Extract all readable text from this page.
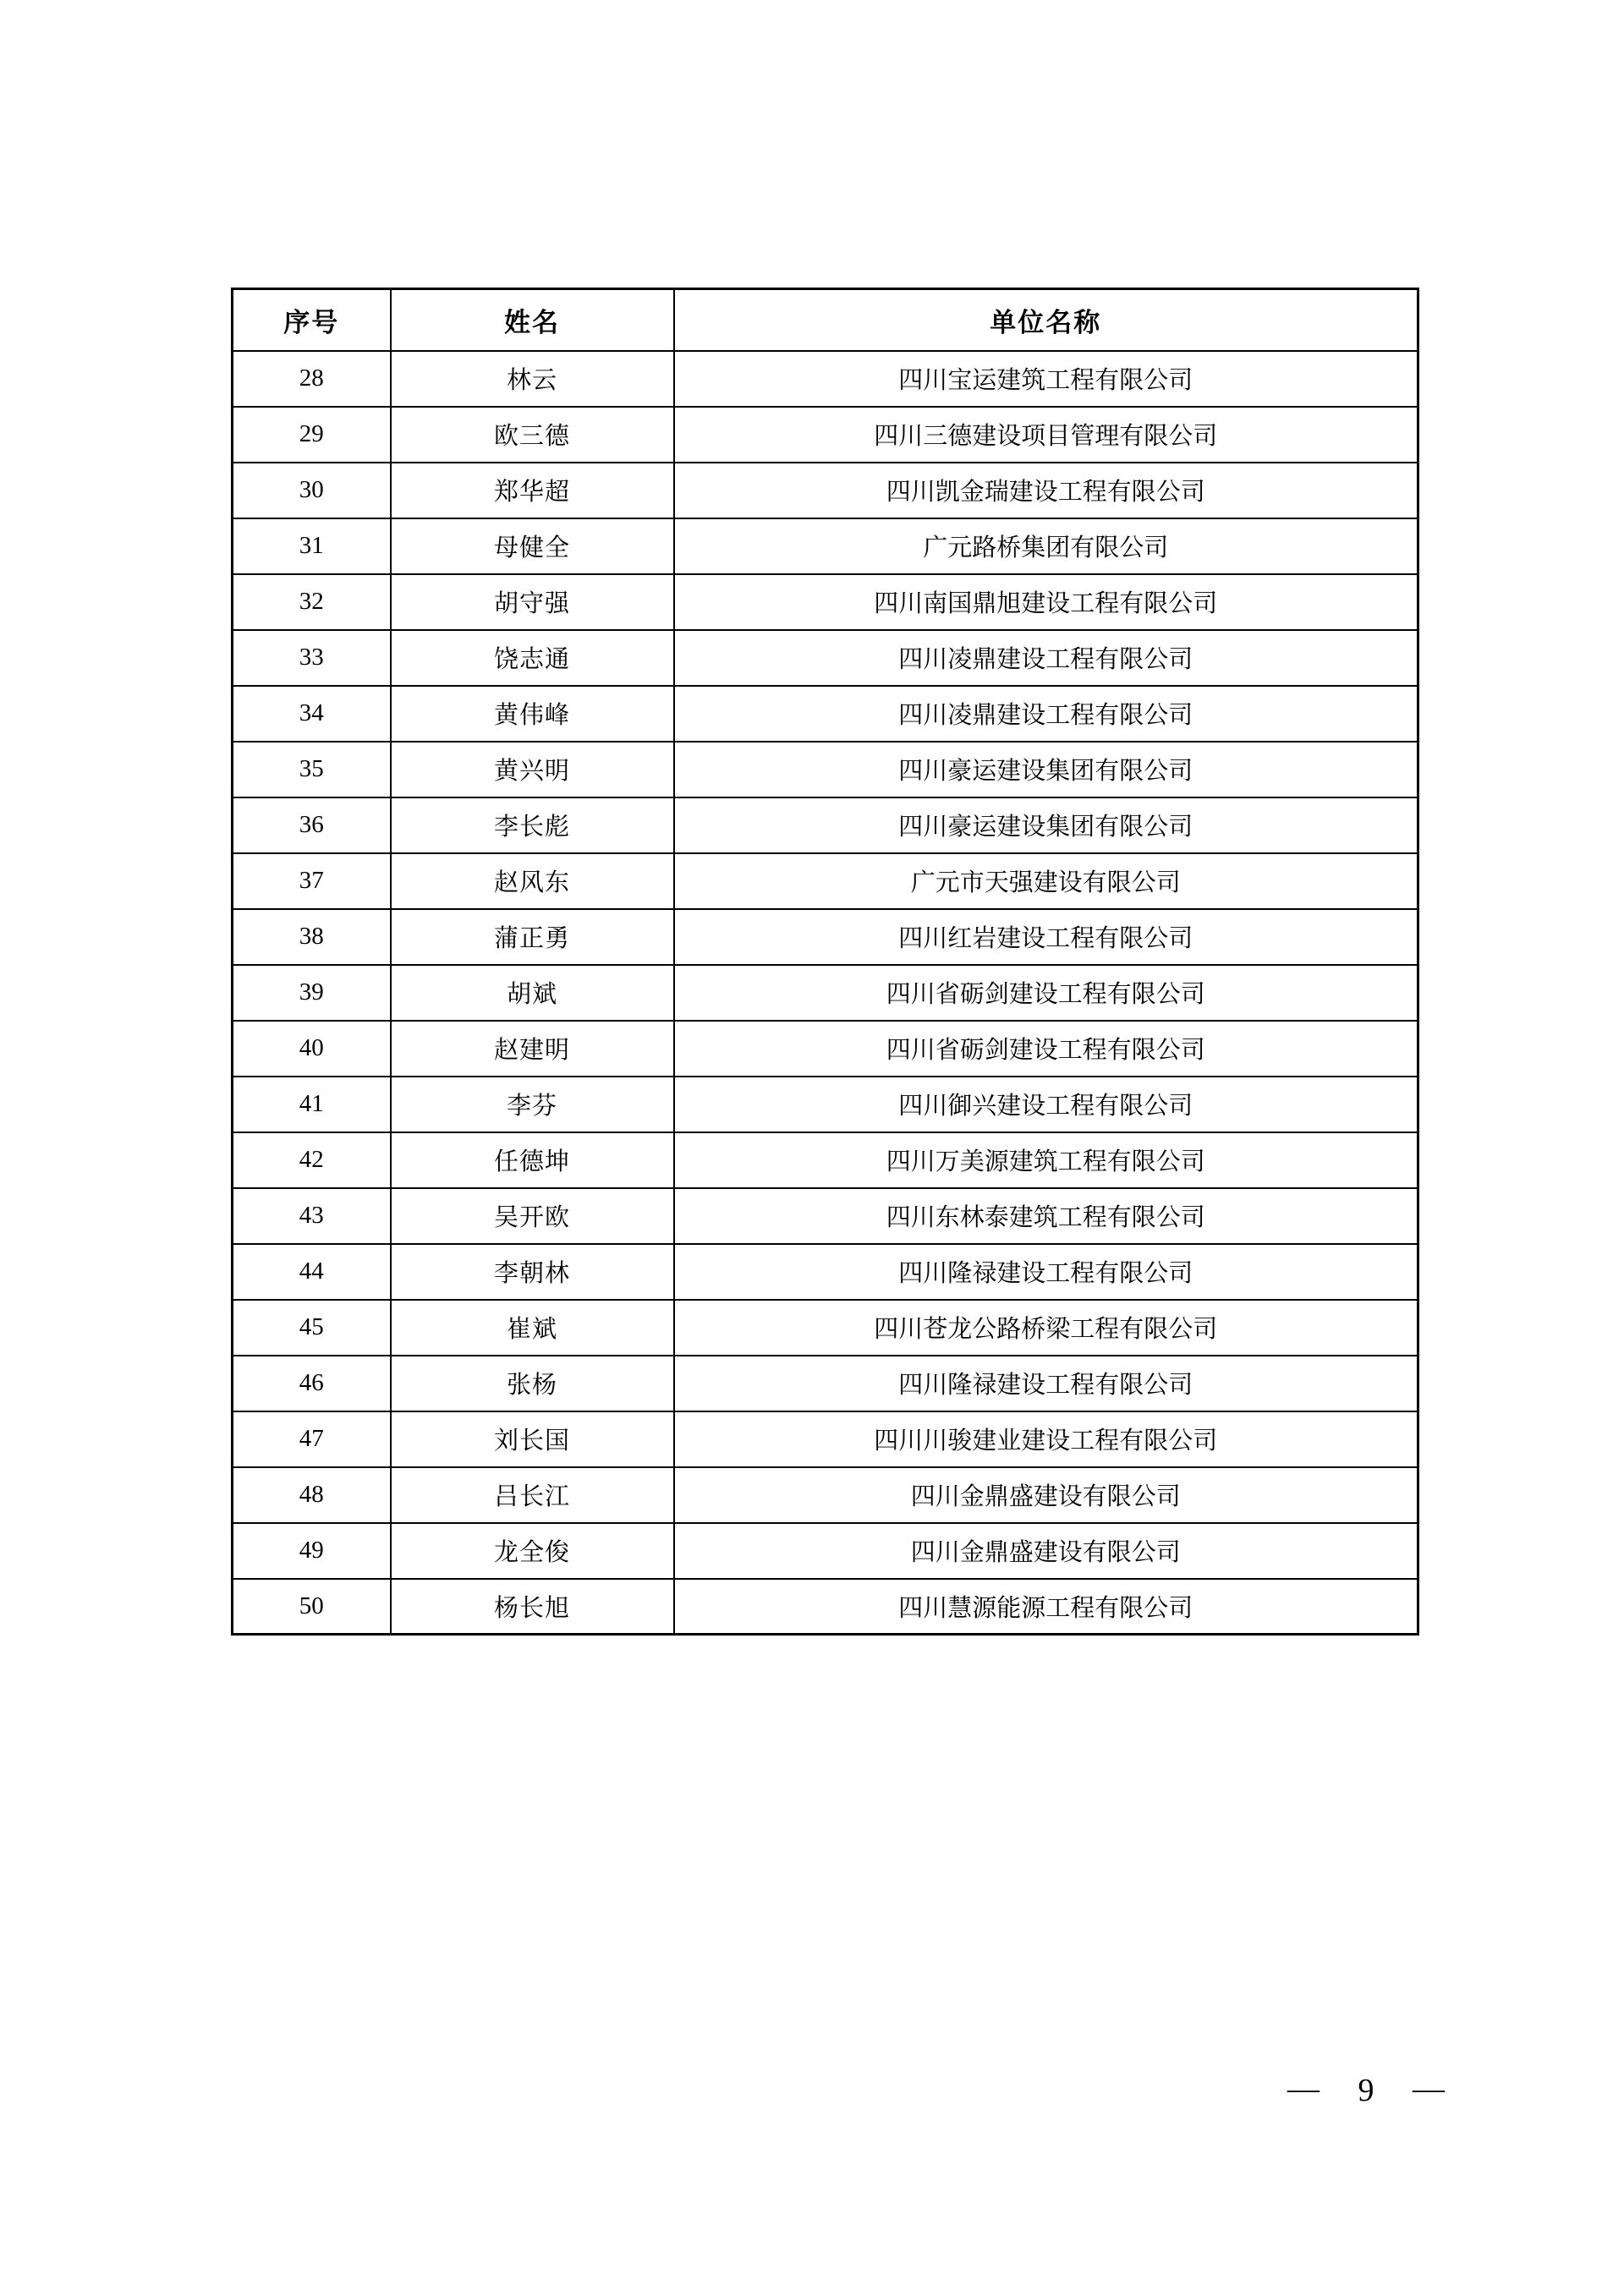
序号	姓名	单位名称
28	林云	四川宝运建筑工程有限公司
29	欧三德	四川三德建设项目管理有限公司
30	郑华超	四川凯金瑞建设工程有限公司
31	母健全	广元路桥集团有限公司
32	胡守强	四川南国鼎旭建设工程有限公司
33	饶志通	四川凌鼎建设工程有限公司
34	黄伟峰	四川凌鼎建设工程有限公司
35	黄兴明	四川豪运建设集团有限公司
36	李长彪	四川豪运建设集团有限公司
37	赵风东	广元市天强建设有限公司
38	蒲正勇	四川红岩建设工程有限公司
39	胡斌	四川省砺剑建设工程有限公司
40	赵建明	四川省砺剑建设工程有限公司
41	李芬	四川御兴建设工程有限公司
42	任德坤	四川万美源建筑工程有限公司
43	吴开欧	四川东林泰建筑工程有限公司
44	李朝林	四川隆禄建设工程有限公司
45	崔斌	四川苍龙公路桥梁工程有限公司
46	张杨	四川隆禄建设工程有限公司
47	刘长国	四川川骏建业建设工程有限公司
48	吕长江	四川金鼎盛建设有限公司
49	龙全俊	四川金鼎盛建设有限公司
50	杨长旭	四川慧源能源工程有限公司
— 9 —
